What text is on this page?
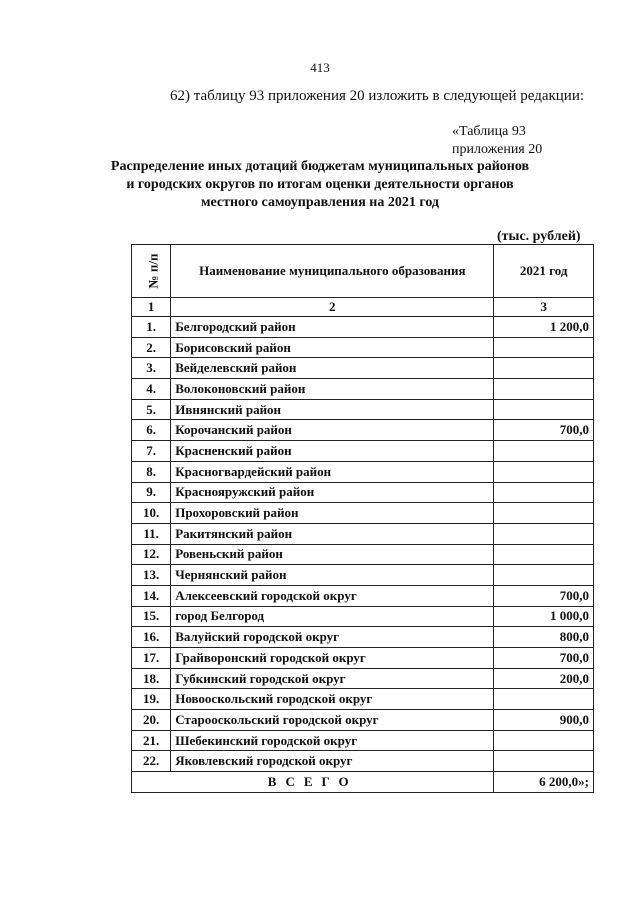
413
62) таблицу 93 приложения 20 изложить в следующей редакции:
«Таблица 93
приложения 20
Распределение иных дотаций бюджетам муниципальных районов
и городских округов по итогам оценки деятельности органов
местного самоуправления на 2021 год
(тыс. рублей)
№ п/п	Наименование муниципального образования	2021 год
1	2	3
1.	Белгородский район	1 200,0
2.	Борисовский район	
3.	Вейделевский район	
4.	Волоконовский район	
5.	Ивнянский район	
6.	Корочанский район	700,0
7.	Красненский район	
8.	Красногвардейский район	
9.	Краснояружский район	
10.	Прохоровский район	
11.	Ракитянский район	
12.	Ровеньский район	
13.	Чернянский район	
14.	Алексеевский городской округ	700,0
15.	город Белгород	1 000,0
16.	Валуйский городской округ	800,0
17.	Грайворонский городской округ	700,0
18.	Губкинский городской округ	200,0
19.	Новооскольский городской округ	
20.	Старооскольский городской округ	900,0
21.	Шебекинский городской округ	
22.	Яковлевский городской округ	
ВСЕГО		6 200,0»;
